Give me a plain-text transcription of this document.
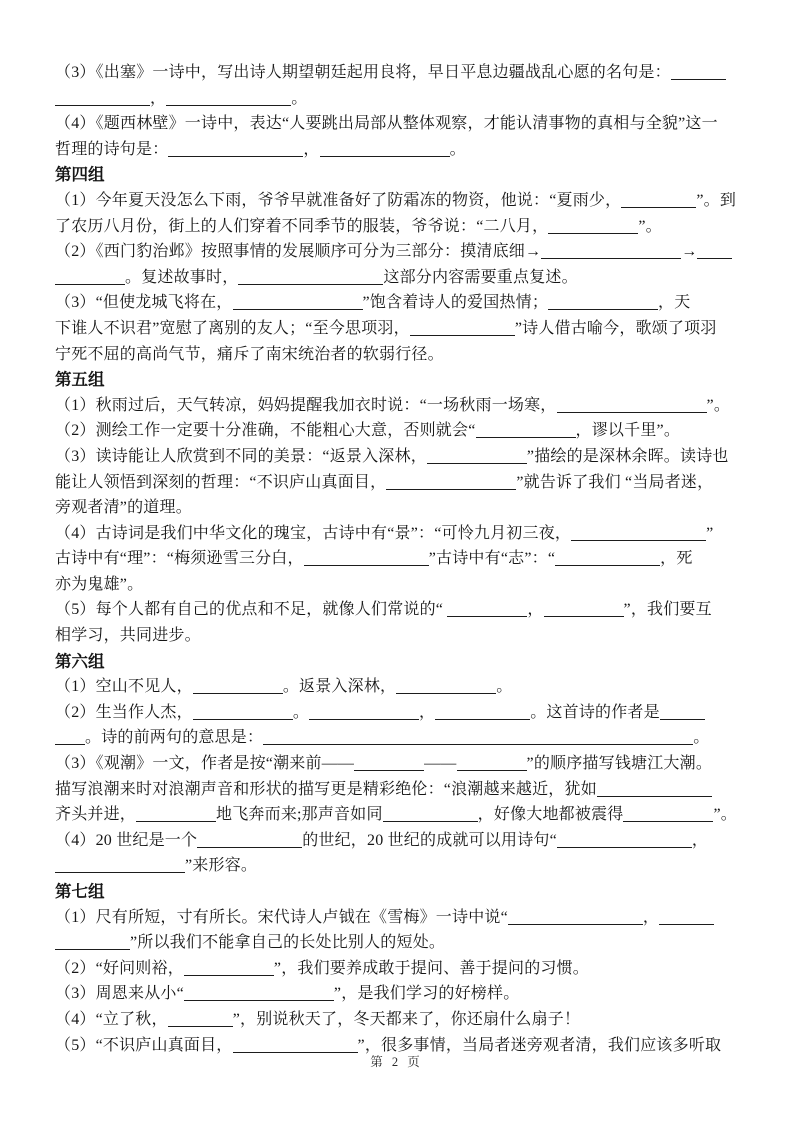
（3）《出塞》一诗中，写出诗人期望朝廷起用良将，早日平息边疆战乱心愿的名句是：
，	。
（4）《题西林壁》一诗中，表达“人要跳出局部从整体观察，才能认清事物的真相与全貌”这一
哲理的诗句是：	，	。
第四组
（1）今年夏天没怎么下雨，爷爷早就准备好了防霜冻的物资，他说：“夏雨少，	”。到
了农历八月份，街上的人们穿着不同季节的服装，爷爷说：“二八月，	”。
（2）《西门豹治邺》按照事情的发展顺序可分为三部分：摸清底细→	→
。复述故事时，	这部分内容需要重点复述。
（3）“但使龙城飞将在，	”饱含着诗人的爱国热情；	，天
下谁人不识君”宽慰了离别的友人；“至今思项羽，	”诗人借古喻今，歌颂了项羽
宁死不屈的高尚气节，痛斥了南宋统治者的软弱行径。
第五组
（1）秋雨过后，天气转凉，妈妈提醒我加衣时说：“一场秋雨一场寒，	”。
（2）测绘工作一定要十分准确，不能粗心大意，否则就会“	，谬以千里”。
（3）读诗能让人欣赏到不同的美景：“返景入深林，	”描绘的是深林余晖。读诗也
能让人领悟到深刻的哲理：“不识庐山真面目，	”就告诉了我们 “当局者迷，
旁观者清”的道理。
（4）古诗词是我们中华文化的瑰宝，古诗中有“景”：“可怜九月初三夜，	”
古诗中有“理”：“梅须逊雪三分白，	”古诗中有“志”：“	，死
亦为鬼雄”。
（5）每个人都有自己的优点和不足，就像人们常说的“	，	”，我们要互
相学习，共同进步。
第六组
（1）空山不见人，	。返景入深林，	。
（2）生当作人杰，	。	，	。这首诗的作者是
。诗的前两句的意思是：	。
（3）《观潮》一文，作者是按“潮来前——	——	”的顺序描写钱塘江大潮。
描写浪潮来时对浪潮声音和形状的描写更是精彩绝伦：“浪潮越来越近，犹如
齐头并进，	地飞奔而来;那声音如同	，好像大地都被震得	”。
（4）20 世纪是一个	的世纪，20 世纪的成就可以用诗句“	，
”来形容。
第七组
（1）尺有所短，寸有所长。宋代诗人卢钺在《雪梅》一诗中说“	，
”所以我们不能拿自己的长处比别人的短处。
（2）“好问则裕，	”，我们要养成敢于提问、善于提问的习惯。
（3）周恩来从小“	”，是我们学习的好榜样。
（4）“立了秋，	”，别说秋天了，冬天都来了，你还扇什么扇子！
（5）“不识庐山真面目，	”，很多事情，当局者迷旁观者清，我们应该多听取
第 2 页
